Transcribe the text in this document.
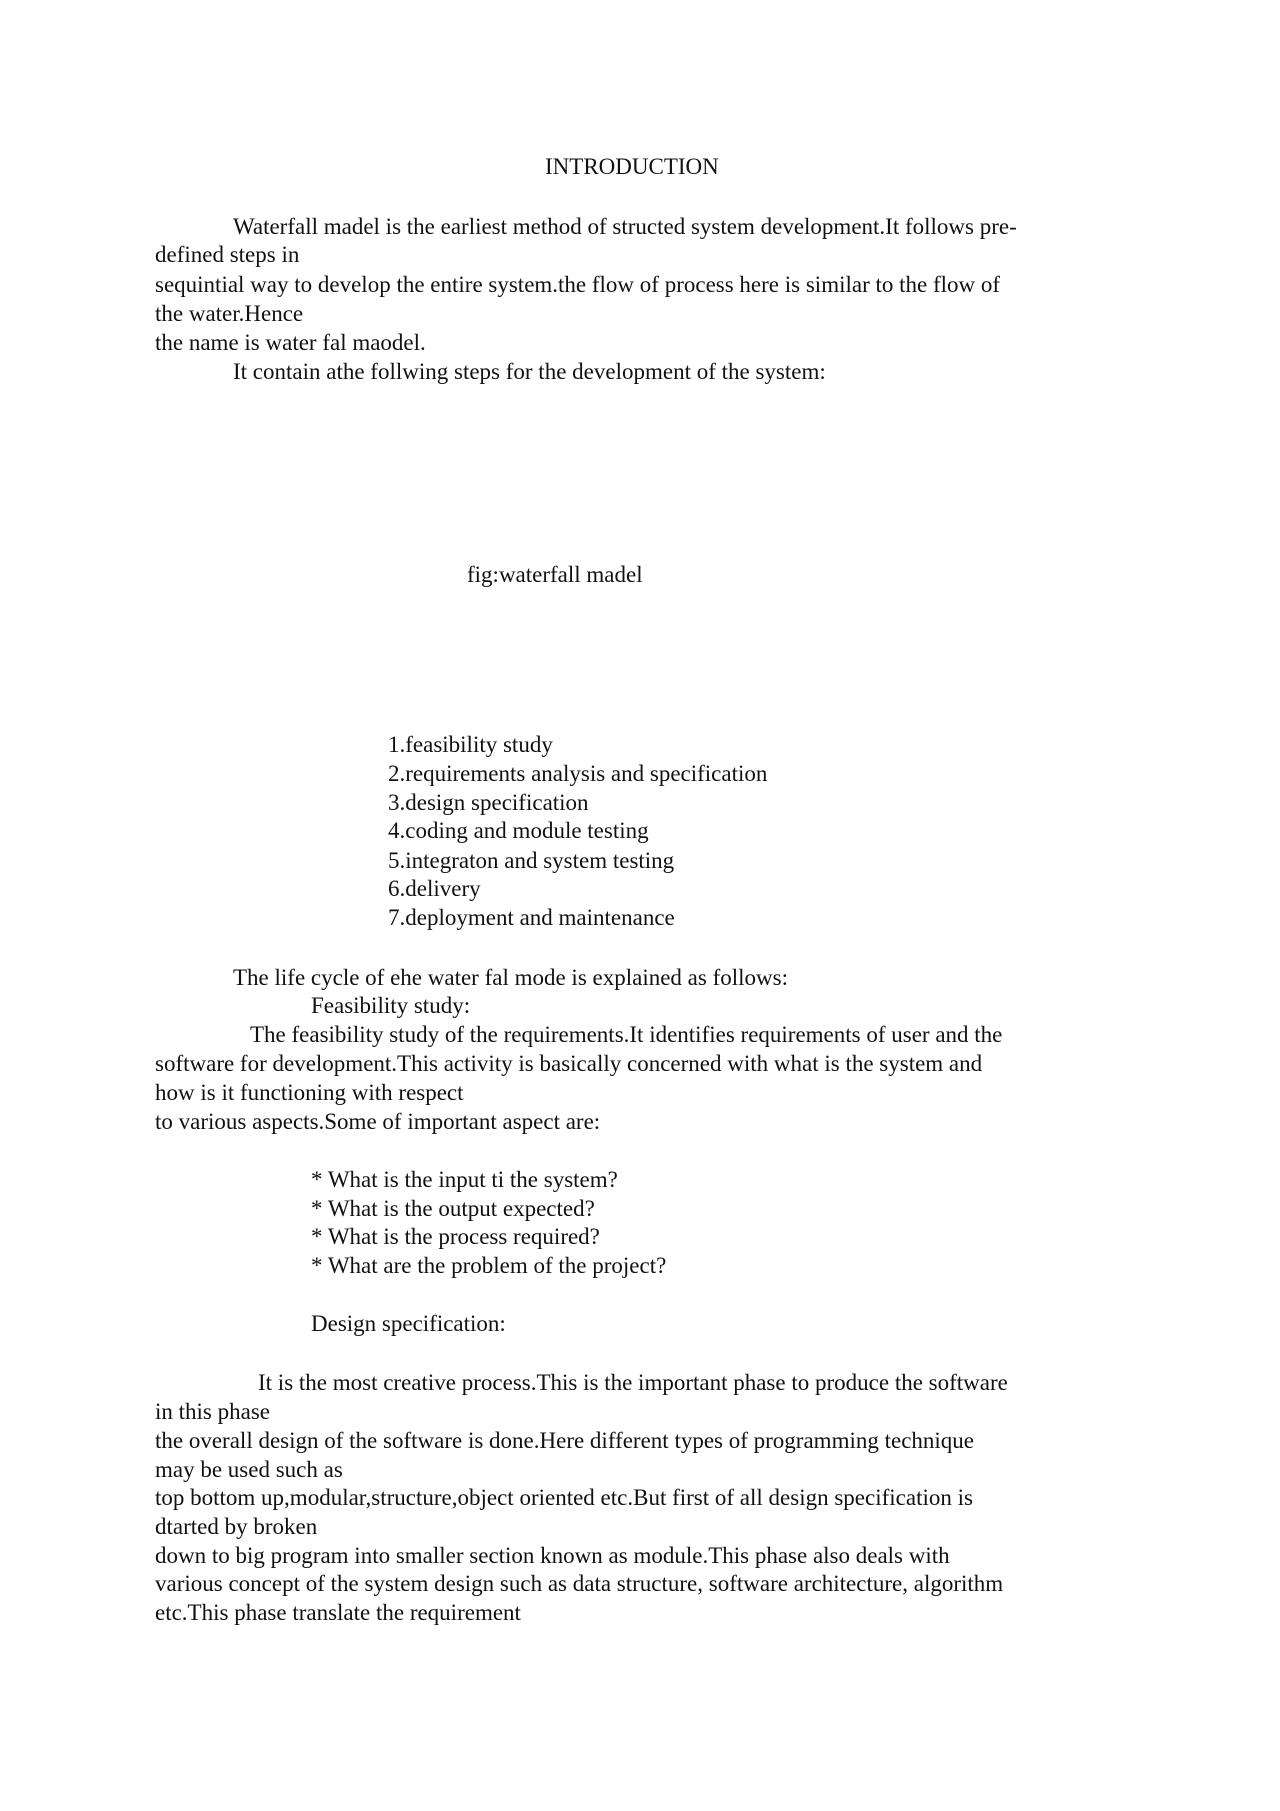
INTRODUCTION
Waterfall madel is the earliest method of structed system development.It follows pre-
defined steps in
sequintial way to develop the entire system.the flow of process here is similar to the flow of
the water.Hence
the name is water fal maodel.
It contain athe follwing steps for the development of the system:
fig:waterfall madel
1.feasibility study
2.requirements analysis and specification
3.design specification
4.coding and module testing
5.integraton and system testing
6.delivery
7.deployment and maintenance
The life cycle of ehe water fal mode is explained as follows:
Feasibility study:
The feasibility study of the requirements.It identifies requirements of user and the
software for development.This activity is basically concerned with what is the system and
how is it functioning with respect
to various aspects.Some of important aspect are:
* What is the input ti the system?
* What is the output expected?
* What is the process required?
* What are the problem of the project?
Design specification:
It is the most creative process.This is the important phase to produce the software
in this phase
the overall design of the software is done.Here different types of programming technique
may be used such as
top bottom up,modular,structure,object oriented etc.But first of all design specification is
dtarted by broken
down to big program into smaller section known as module.This phase also deals with
various concept of the system design such as data structure, software architecture, algorithm
etc.This phase translate the requirement
